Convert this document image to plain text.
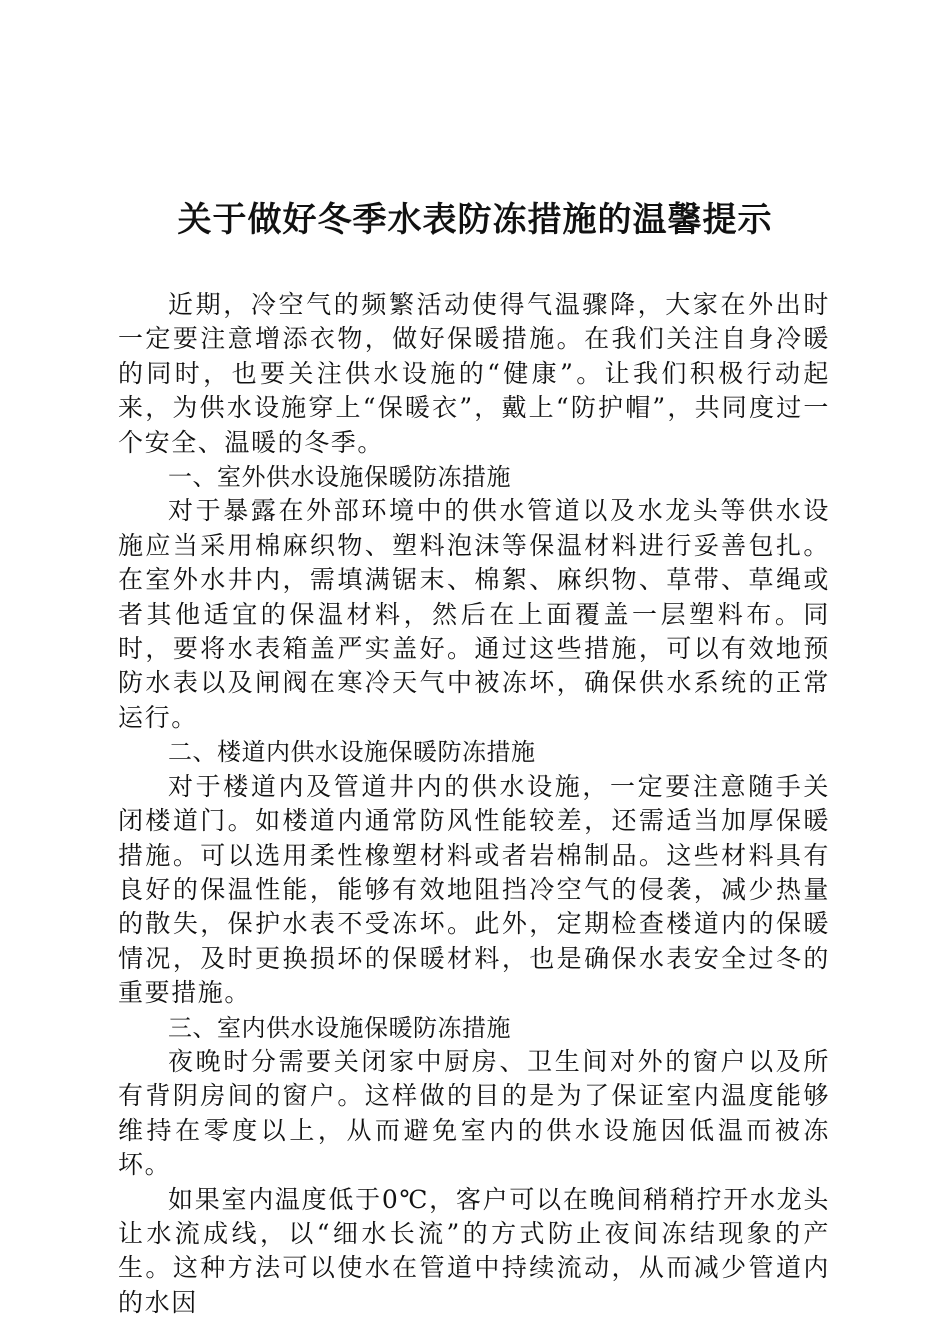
关于做好冬季水表防冻措施的温馨提示

近期，冷空气的频繁活动使得气温骤降，大家在外出时一定要注意增添衣物，做好保暖措施。在我们关注自身冷暖的同时，也要关注供水设施的“健康”。让我们积极行动起来，为供水设施穿上“保暖衣”，戴上“防护帽”，共同度过一个安全、温暖的冬季。

一、室外供水设施保暖防冻措施

对于暴露在外部环境中的供水管道以及水龙头等供水设施应当采用棉麻织物、塑料泡沫等保温材料进行妥善包扎。在室外水井内，需填满锯末、棉絮、麻织物、草带、草绳或者其他适宜的保温材料，然后在上面覆盖一层塑料布。同时，要将水表箱盖严实盖好。通过这些措施，可以有效地预防水表以及闸阀在寒冷天气中被冻坏，确保供水系统的正常运行。

二、楼道内供水设施保暖防冻措施

对于楼道内及管道井内的供水设施，一定要注意随手关闭楼道门。如楼道内通常防风性能较差，还需适当加厚保暖措施。可以选用柔性橡塑材料或者岩棉制品。这些材料具有良好的保温性能，能够有效地阻挡冷空气的侵袭，减少热量的散失，保护水表不受冻坏。此外，定期检查楼道内的保暖情况，及时更换损坏的保暖材料，也是确保水表安全过冬的重要措施。

三、室内供水设施保暖防冻措施

夜晚时分需要关闭家中厨房、卫生间对外的窗户以及所有背阴房间的窗户。这样做的目的是为了保证室内温度能够维持在零度以上，从而避免室内的供水设施因低温而被冻坏。

如果室内温度低于0℃，客户可以在晚间稍稍拧开水龙头让水流成线，以“细水长流”的方式防止夜间冻结现象的产生。这种方法可以使水在管道中持续流动，从而减少管道内的水因
